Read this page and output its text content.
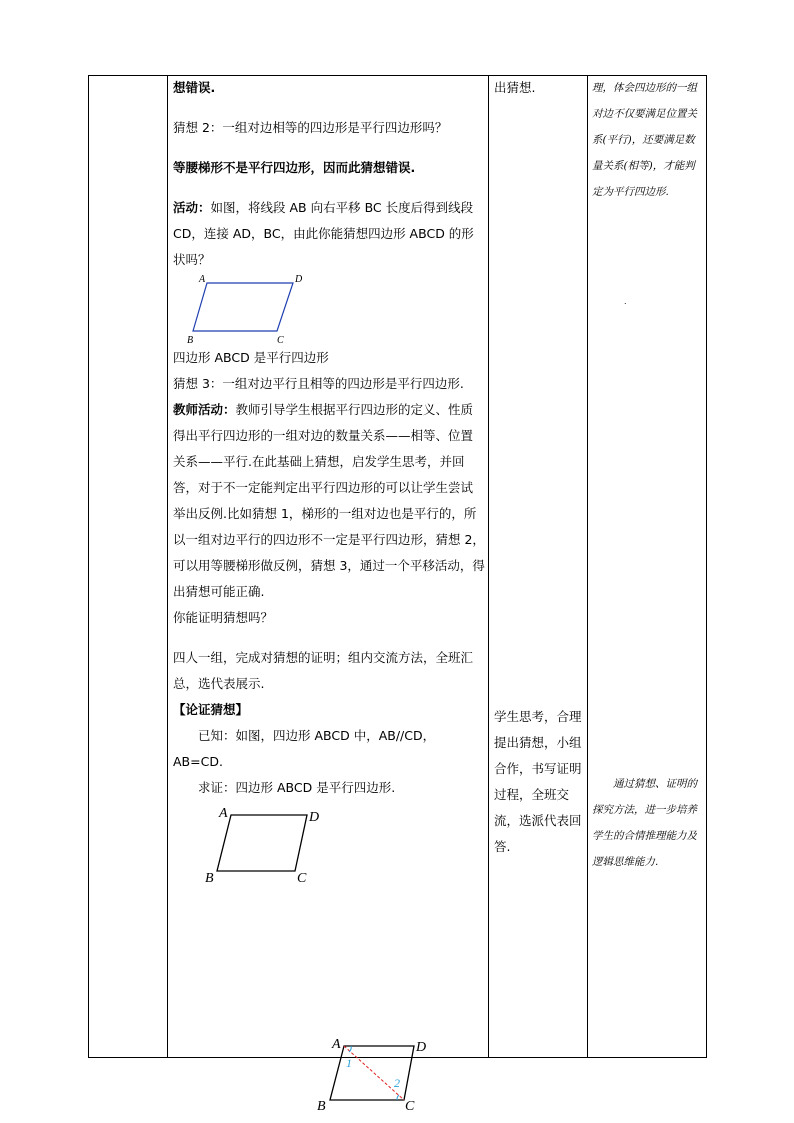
想错误.

猜想 2：一组对边相等的四边形是平行四边形吗？

等腰梯形不是平行四边形，因而此猜想错误.

活动：如图，将线段 AB 向右平移 BC 长度后得到线段 CD，连接 AD，BC，由此你能猜想四边形 ABCD 的形状吗？

A	D
B	C

四边形 ABCD 是平行四边形

猜想 3：一组对边平行且相等的四边形是平行四边形.

教师活动：教师引导学生根据平行四边形的定义、性质得出平行四边形的一组对边的数量关系——相等、位置关系——平行.在此基础上猜想，启发学生思考，并回答，对于不一定能判定出平行四边形的可以让学生尝试举出反例.比如猜想 1，梯形的一组对边也是平行的，所以一组对边平行的四边形不一定是平行四边形，猜想 2，可以用等腰梯形做反例，猜想 3，通过一个平移活动，得出猜想可能正确.

你能证明猜想吗？

四人一组，完成对猜想的证明；组内交流方法，全班汇总，选代表展示.

【论证猜想】

已知：如图，四边形 ABCD 中，AB//CD，AB=CD.

求证：四边形 ABCD 是平行四边形.

A	D
B	C
A	D
B	C
1
2
出猜想.
学生思考，合理提出猜想，小组合作，书写证明过程，全班交流，选派代表回答.
理，体会四边形的一组对边不仅要满足位置关系(平行)，还要满足数量关系(相等)，才能判定为平行四边形.
.
通过猜想、证明的探究方法，进一步培养学生的合情推理能力及逻辑思维能力.
